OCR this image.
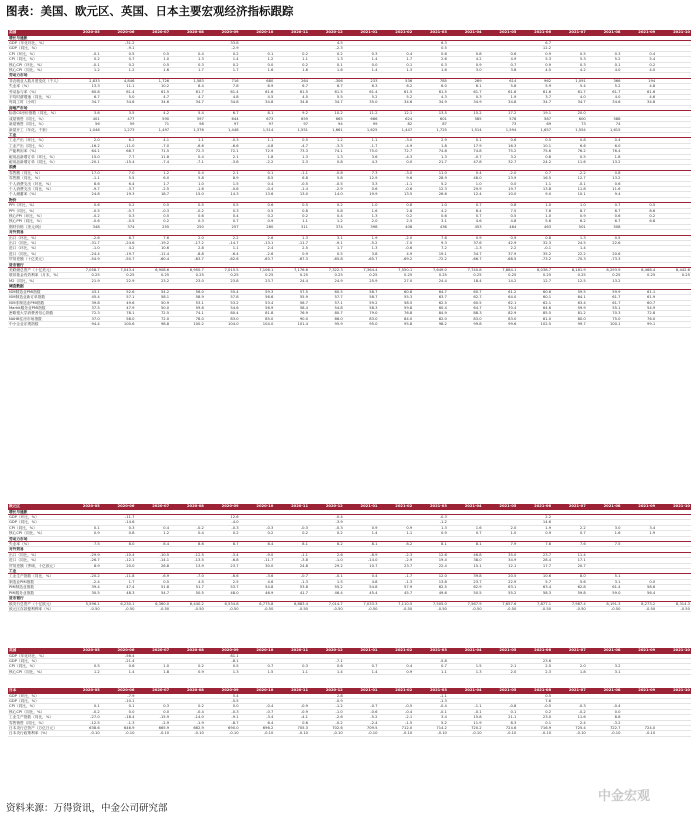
图表：美国、欧元区、英国、日本主要宏观经济指标跟踪
美国	2020-05	2020-06	2020-07	2020-08	2020-09	2020-10	2020-11	2020-12	2021-01	2021-02	2021-03	2021-04	2021-05	2021-06	2021-07	2021-08	2021-09	2021-10
增长与通胀																		
GDP（年化环比，%）		-31.2			33.8			4.5			6.3			6.7				
GDP（同比，%）		-9.1			-2.9			-2.3			0.5			12.2				
CPI（环比，%）	-0.1	0.5	0.5	0.4	0.2	0.1	0.2	0.2	0.3	0.4	0.6	0.8	0.6	0.9	0.5	0.3	0.4	
CPI（同比，%）	0.2	0.7	1.0	1.3	1.4	1.2	1.1	1.3	1.4	1.7	2.6	4.2	4.9	5.3	5.3	5.2	5.4	
核心CPI（环比，%）	-0.1	0.2	0.5	0.3	0.2	0.0	0.2	0.1	0.0	0.1	0.3	0.9	0.7	0.9	0.3	0.1	0.2	
核心CPI（同比，%）	1.2	1.2	1.6	1.7	1.7	1.6	1.6	1.6	1.4	1.3	1.6	3.0	3.8	4.5	4.2	4.0	4.0	
劳动力市场																		
非农就业人数月度变化（千人）	2,833	4,846	1,726	1,583	716	680	264	-306	233	536	785	269	614	962	1,091	366	194	
失业率（%）	13.3	11.1	10.2	8.4	7.8	6.9	6.7	6.7	6.3	6.2	6.0	6.1	5.8	5.9	5.4	5.2	4.8	
劳动参与率（%）	60.8	61.4	61.5	61.7	61.4	61.6	61.5	61.5	61.4	61.5	61.5	61.7	61.6	61.6	61.7	61.7	61.6	
平均时薪增速（同比，%）	6.7	5.0	4.7	4.7	4.8	4.5	4.5	5.5	5.2	5.2	4.3	0.3	1.9	3.7	4.0	4.0	4.6	
每周工时（小时）	34.7	34.6	34.6	34.7	34.8	34.8	34.8	34.7	35.0	34.6	34.9	34.9	34.8	34.7	34.7	34.6	34.8	
房地产市场																		
标普CS房价指数（同比，%）	3.6	3.5	4.2	5.4	6.7	8.1	9.2	10.2	11.2	12.1	13.5	15.2	17.2	19.1	20.0			
成屋销售（同比，%）	401	477	590	597	644	673	659	665	666	624	601	585	578	587	600	588		
新屋销售（同比，%）	56	59	71	98	97	97	97	94	99	82	87		73	69	73	74		
新屋开工（年化，千套）	1,046	1,273	1,497	1,376	1,448	1,514	1,551	1,661	1,625	1,447	1,725	1,514	1,594	1,657	1,554	1,615		
工业																		
工业产出（环比，%）	2.0	6.2	4.1	1.1	-0.3	1.1	0.5	1.2	1.1	-3.0	2.9	0.1	0.6	0.5	0.8	0.4		
工业产出（同比，%）	-16.2	-11.0	-7.0	-6.6	-6.6	-4.8	-4.7	-3.3	-1.7	-4.9	1.8	17.9	16.3	10.1	6.6	6.0		
产能利用率（%）	64.1	68.7	71.5	72.3	72.1	72.9	73.3	74.1	75.0	72.7	74.8	74.8	75.2	75.6	76.2	76.4		
耐用品新增订单（环比，%）	15.0	7.7	11.8	0.4	2.1	1.8	1.3	1.3	3.6	-4.3	1.3	-0.7	3.2	0.8	0.5	1.8		
耐用品新增订单（同比，%）	-20.1	-15.4	-7.4	-7.1	-3.8	-2.2	2.3	0.8	4.3	0.0	21.7	47.8	32.7	24.2	11.6	13.2		
消费																		
零售额（同比，%）	17.0	7.0	1.2	0.4	2.1	0.1	-1.1	-0.8	7.3	-3.0	11.0	0.4	-2.0	0.7	-2.2	0.8		
零售额（同比，%）	-1.1	5.5	6.0	5.8	8.9	8.5	6.8	5.8	12.9	9.6	28.9	48.0	23.9	16.5	12.7	13.2		
个人消费支出（环比，%）	8.6	6.4	1.7	1.0	1.5	0.4	-0.5	-0.5	3.3	-1.1	5.2	1.0	0.0	1.1	-0.1	0.6		
个人消费支出（同比，%）	-9.7	-3.7	-2.5	-1.6	-0.6	-0.4	-1.4	-2.9	0.6	-0.6	12.3	29.9	19.7	13.8	11.8	11.6		
个人储蓄率（%）	24.8	19.3	18.7	15.0	14.3	13.6	13.0	14.0	19.9	13.5	26.6	12.4	10.0	9.0	10.1	9.4		
物价																		
PPI（环比，%）	0.6	0.2	0.5	0.5	0.5	0.6	0.5	0.2	1.0	0.8	1.0	0.7	0.8	1.0	1.0	0.7	0.5	
PPI（同比，%）	-0.5	-0.7	-0.3	-0.2	0.3	0.5	0.8	0.8	1.6	2.8	4.2	6.4	7.5	7.8	8.7	8.7	8.6	
核心PPI（环比，%）	-0.2	0.3	0.5	0.6	0.4	0.2	0.2	0.4	1.3	0.2	0.6	0.7	0.5	1.0	0.9	0.6	0.2	
核心PPI（同比，%）	-0.6	-0.5	0.2	0.3	0.7	0.9	1.1	1.2	2.0	2.5	3.1	4.6	4.8	5.6	6.2	6.7	6.8	
钢材价格（美元/吨）	348	374	255	250	257	280	311	374	398	408	436	453	464	463	501	508		
对外贸易																		
出口（环比，%）	-2.6	8.7	7.6	2.0	2.2	2.6	1.3	3.1	1.9	-2.0	7.6	0.9	0.9	0.8	1.3	0.5		
出口（同比，%）	-31.7	-24.6	-19.2	-17.2	-14.7	-13.1	-11.7	-9.1	-5.2	-7.0	9.3	37.6	42.9	32.3	24.5	22.6		
进口（环比，%）	-1.0	4.2	10.6	2.8	1.1	2.4	2.5	1.7	1.3	-0.6	7.2	-1.3	2.2	-0.1	1.4			
进口（同比，%）	-24.4	-19.7	-11.4	-8.8	-6.4	-2.6	0.9	0.5	3.8	4.9	19.1	34.7	37.9	35.2	22.2	20.6		
贸易差额（十亿美元）	-54.9	-50.7	-60.4	-63.7	-62.6	-63.7	-67.3	-65.8	-65.7	-69.2	-72.2	-66.7	-68.5	-73.2	-70.3	-73.3		
货币银行																		
美联储总资产（十亿美元）	7,058.7	7,043.4	6,908.6	6,950.7	7,015.5	7,106.1	7,176.6	7,322.3	7,364.4	7,550.1	7,649.0	7,740.8	7,884.1	8,038.7	8,181.9	8,293.9	8,468.4	8,442.6
联邦基金有效利率（月末，%）	0.25	0.25	0.25	0.25	0.25	0.25	0.25	0.25	0.25	0.25	0.25	0.25	0.25	0.25	0.25	0.25	0.25	0.25
M2（同比，%）	21.9	22.9	23.2	23.0	23.8	23.7	24.4	24.9	25.9	27.0	24.4	18.4	14.2	12.7	12.5	13.2		
调查数据																		
ISM制造业PMI指数	43.1	52.6	54.2	56.0	55.4	59.3	57.5	60.5	58.7	60.8	64.7	60.7	61.2	60.6	59.5	59.9	61.1	
ISM制造业新订单指数	45.4	57.1	58.1	58.9	57.8	56.6	55.9	57.7	58.7	55.3	63.7	62.7	64.0	60.1	64.1	61.7	61.9	
ISM非制造业PMI指数	39.8	49.6	50.9	53.1	53.2	53.4	56.7	57.1	59.2	58.5	62.5	60.5	62.1	62.1	63.4	61.7	60.7	
Markit服务业PMI指数	37.5	47.9	50.0	59.6	54.6	56.9	58.4	54.8	58.3	59.8	60.4	64.7	70.4	64.6	59.9	55.1	54.9	
密歇根大学消费者信心指数	72.3	78.1	72.5	74.1	80.4	81.8	76.9	80.7	79.0	76.8	84.9	88.3	82.9	85.5	81.2	70.3	72.8	
NAHB住房市场指数	37.0	58.0	72.0	78.0	83.0	85.0	90.0	86.0	83.0	84.0	82.0	83.0	83.0	81.0	80.0	75.0	76.0	
中小企业乐观指数	94.4	100.6	98.8	100.2	104.0	104.0	101.4	95.9	95.0	95.8	98.2	99.8	99.6	102.5	99.7	100.1	99.1	
欧元区	2020-05	2020-06	2020-07	2020-08	2020-09	2020-10	2020-11	2020-12	2021-01	2021-02	2021-03	2021-04	2021-05	2021-06	2021-07	2021-08	2021-09	2021-10
增长与通胀																		
GDP（环比，%）		-11.7			12.6			-0.4			-0.3			2.2				
GDP（同比，%）		-14.6			-4.0			-3.9			-1.2			14.6				
CPI（同比，%）	0.1	0.3	0.4	-0.2	-0.3	-0.3	-0.3	-0.3	0.9	0.9	1.3	1.6	2.0	1.9	2.2	3.0	3.4	
核心CPI（同比，%）	0.9	0.8	1.2	0.4	0.2	0.2	0.2	0.2	1.4	1.1	0.9	0.7	1.0	0.9	0.7	1.6	1.9	
劳动力市场																		
失业率（%）	7.5	8.0	8.4	8.6	8.7	8.4	8.1	8.2	8.1	8.2	8.1	8.1	7.9	7.8	7.6	7.5		
对外贸易																		
出口（同比，%）	-29.9	-10.4	-10.5	-12.5	-3.4	-9.0	-1.1	2.6	-8.9	-2.3	12.6	46.8	35.0	23.7	11.4			
进口（同比，%）	-26.7	-12.1	-14.1	-13.5	-6.8	-11.7	-3.8	-1.0	-14.0	-2.9	19.4	38.0	34.9	28.4	17.1			
贸易差额（季调，十亿欧元）	8.9	20.0	26.8	13.9	23.7	30.0	24.8	29.2	10.7	23.7	22.4	15.1	12.1	17.7	20.7			
工业																		
工业生产指数（同比，%）	-20.2	-11.8	-6.9	-7.0	-6.6	-3.6	-0.7	-0.1	0.4	-1.7	12.0	39.8	20.5	10.6	8.0	5.1		
制造业PMI指数	-2.4	1.7	0.5	4.5	2.5	4.6	-1.3	1.5	4.8	-1.3	13.8	23.7	22.9	5.7	5.6	3.1	0.0	
PMI制造业指数	39.4	47.4	51.8	51.7	53.7	54.8	53.8	55.2	54.8	57.9	62.5	62.9	63.1	63.4	62.8	61.4	58.6	
PMI服务业指数	30.5	48.3	54.7	50.5	48.0	46.9	41.7	46.4	45.4	45.7	49.6	50.5	55.2	58.3	59.8	59.0	56.4	
货币银行																		
欧央行总资产（十亿欧元）	5,596.1	6,230.1	6,360.0	6,440.2	6,534.8	6,775.8	6,883.4	7,014.7	7,033.3	7,110.5	7,505.0	7,567.9	7,657.6	7,877.1	7,987.4	8,191.3	8,273.2	8,314.3
欧元区存款便利利率（%）	-0.50	-0.50	-0.50	-0.50	-0.50	-0.50	-0.50	-0.50	-0.50	-0.50	-0.50	-0.50	-0.50	-0.50	-0.50	-0.50	-0.50	-0.50
英国	2020-05	2020-06	2020-07	2020-08	2020-09	2020-10	2020-11	2020-12	2021-01	2021-02	2021-03	2021-04	2021-05	2021-06	2021-07	2021-08	2021-09	2021-10
GDP（年化环比，%）		-56.4			81.1													
GDP（同比，%）		-21.4			-8.1			-7.1			-5.8			23.6				
CPI（同比，%）	0.5	0.6	1.0	0.2	0.5	0.7	0.3	0.6	0.7	0.4	0.7	1.5	2.1	2.5	2.0	3.2		
核心CPI（同比，%）	1.2	1.4	1.8	0.9	1.3	1.5	1.1	1.4	1.4	0.9	1.1	1.3	2.0	2.3	1.8	3.1		
日本	2020-05	2020-06	2020-07	2020-08	2020-09	2020-10	2020-11	2020-12	2021-01	2021-02	2021-03	2021-04	2021-05	2021-06	2021-07	2021-08	2021-09	2021-10
GDP（环比，%）		-7.9			5.4			2.8			-1.1			0.5				
GDP（同比，%）		-10.1			-5.5			-0.9			-1.3			7.6				
CPI（同比，%）	0.1	0.1	0.3	0.2	0.0	-0.4	-0.9	-1.2	-0.7	-0.5	-0.4	-1.1	-0.8	-0.5	-0.3	-0.4		
核心CPI（同比，%）	-0.2	0.0	0.0	-0.4	-0.3	-0.7	-0.9	-1.0	-0.6	-0.4	-0.1	-0.1	0.1	0.2	-0.2	0.0		
工业生产指数（同比，%）	-27.0	-18.4	-15.9	-14.0	-9.1	-3.4	-4.1	-2.6	-5.2	-2.1	3.4	15.8	21.1	23.0	11.6	8.8		
零售销售（同比，%）	-12.5	-1.3	-2.9	-1.9	-8.7	6.4	0.6	-0.2	-2.4	-1.5	5.2	11.9	8.3	0.1	2.4	-3.2		
日本央行总资产（万亿日元）	638.6	646.9	665.9	662.9	690.0	696.2	705.3	702.6	709.5	712.0	714.2	720.2	724.6	716.9	725.4	722.7	724.0	
日本央行政策利率（%）	-0.10	-0.10	-0.10	-0.10	-0.10	-0.10	-0.10	-0.10	-0.10	-0.10	-0.10	-0.10	-0.10	-0.10	-0.10	-0.10	-0.10	
中金宏观
资料来源：万得资讯，中金公司研究部
